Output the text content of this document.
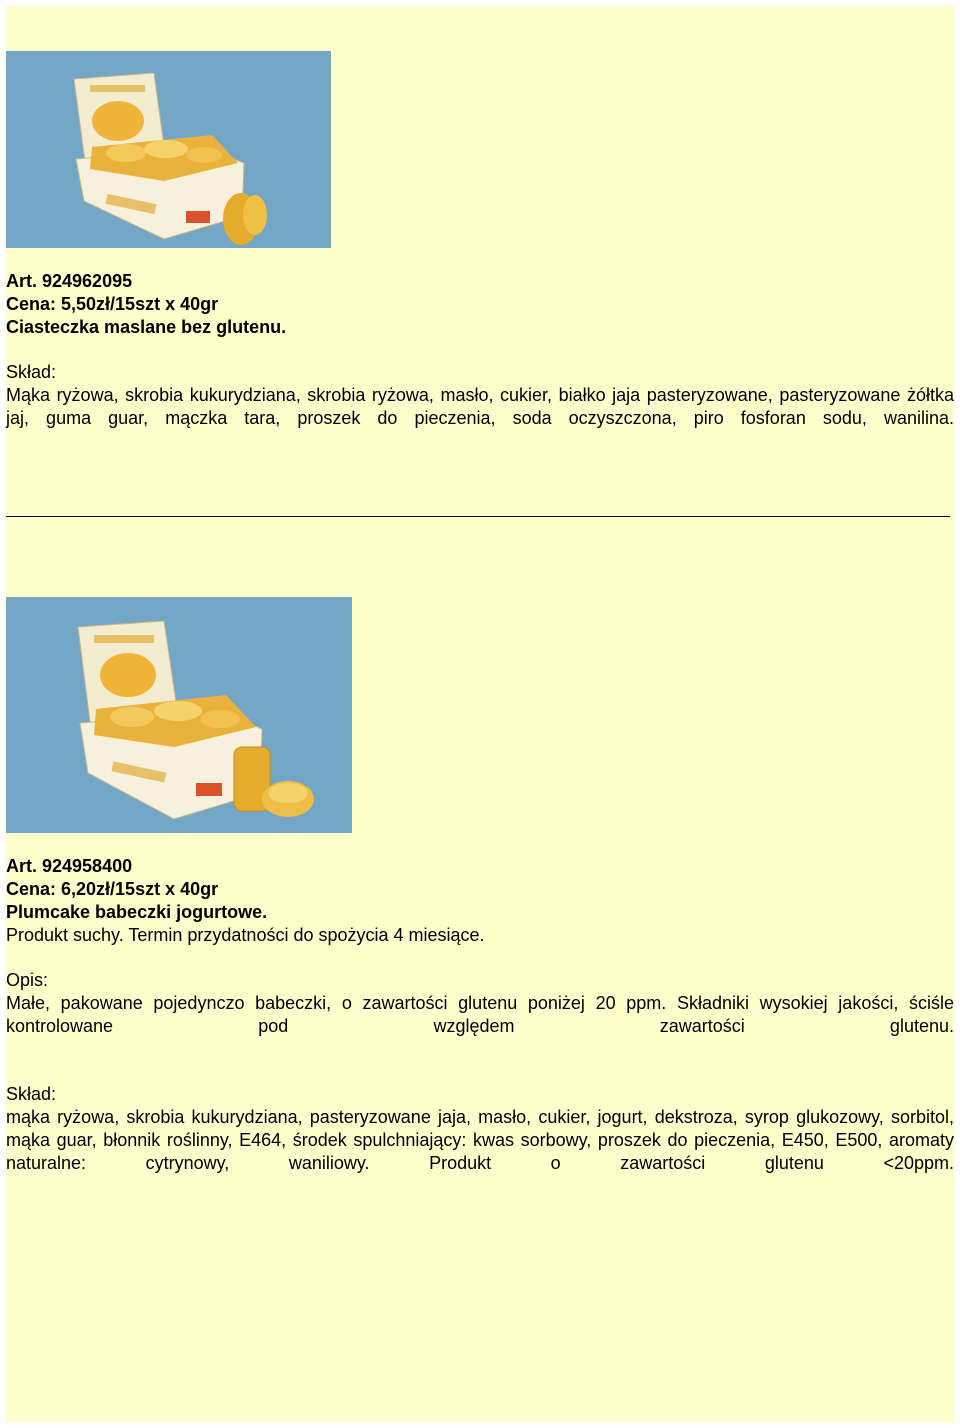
Art. 924962095
Cena: 5,50zł/15szt x 40gr
Ciasteczka maslane bez glutenu.
Skład:
Mąka ryżowa, skrobia kukurydziana, skrobia ryżowa, masło, cukier, białko jaja pasteryzowane, pasteryzowane żółtka jaj, guma guar, mączka tara, proszek do pieczenia, soda oczyszczona, piro fosforan sodu, wanilina.
Art. 924958400
Cena: 6,20zł/15szt x 40gr
Plumcake babeczki jogurtowe.
Produkt suchy. Termin przydatności do spożycia 4 miesiące.
Opis:
Małe, pakowane pojedynczo babeczki, o zawartości glutenu poniżej 20 ppm. Składniki wysokiej jakości, ściśle kontrolowane pod względem zawartości glutenu.
Skład:
mąka ryżowa, skrobia kukurydziana, pasteryzowane jaja, masło, cukier, jogurt, dekstroza, syrop glukozowy, sorbitol, mąka guar, błonnik roślinny, E464, środek spulchniający: kwas sorbowy, proszek do pieczenia, E450, E500, aromaty naturalne: cytrynowy, waniliowy. Produkt o zawartości glutenu <20ppm.
